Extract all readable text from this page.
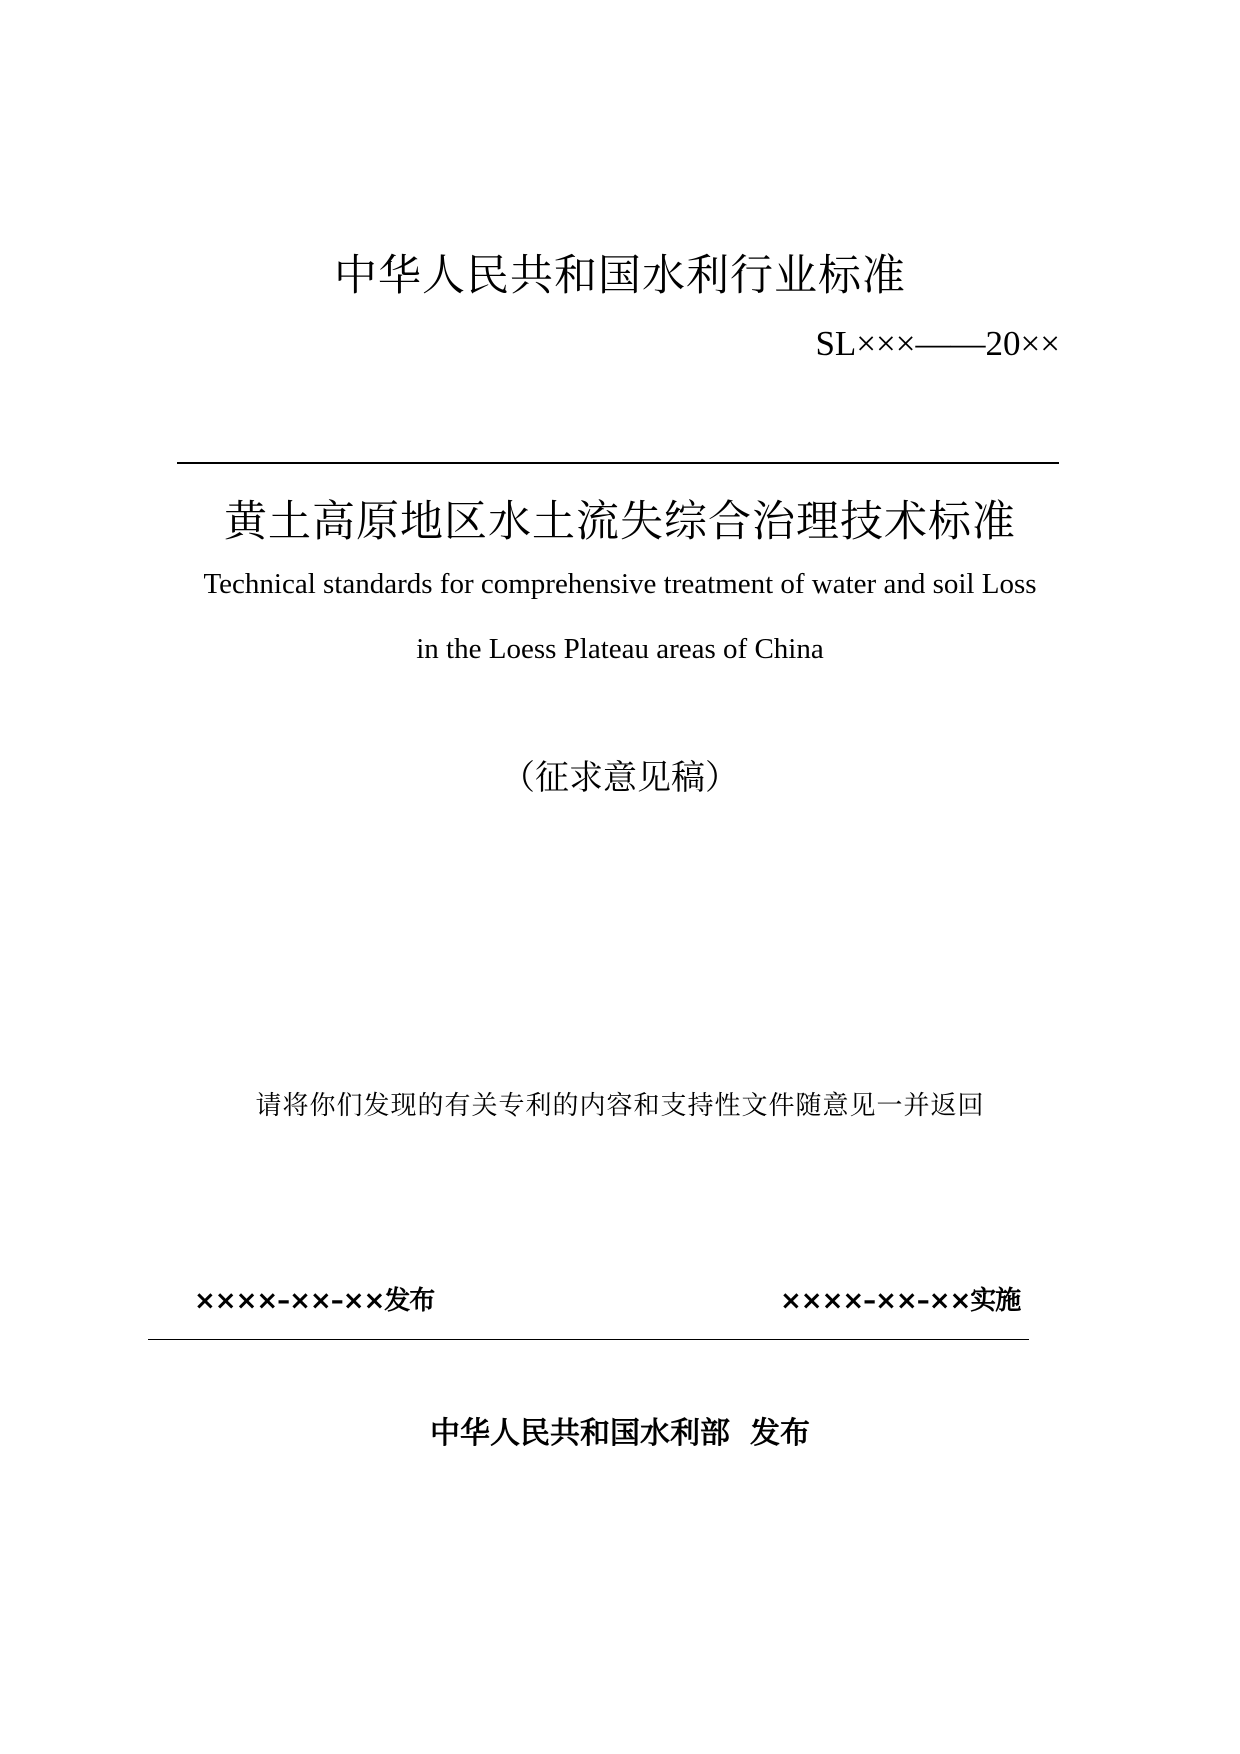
中华人民共和国水利行业标准
SL×××——20××
黄土高原地区水土流失综合治理技术标准
Technical standards for comprehensive treatment of water and soil Loss
in the Loess Plateau areas of China
（征求意见稿）
请将你们发现的有关专利的内容和支持性文件随意见一并返回
××××–××–××发布	××××–××–××实施
中华人民共和国水利部 发布
